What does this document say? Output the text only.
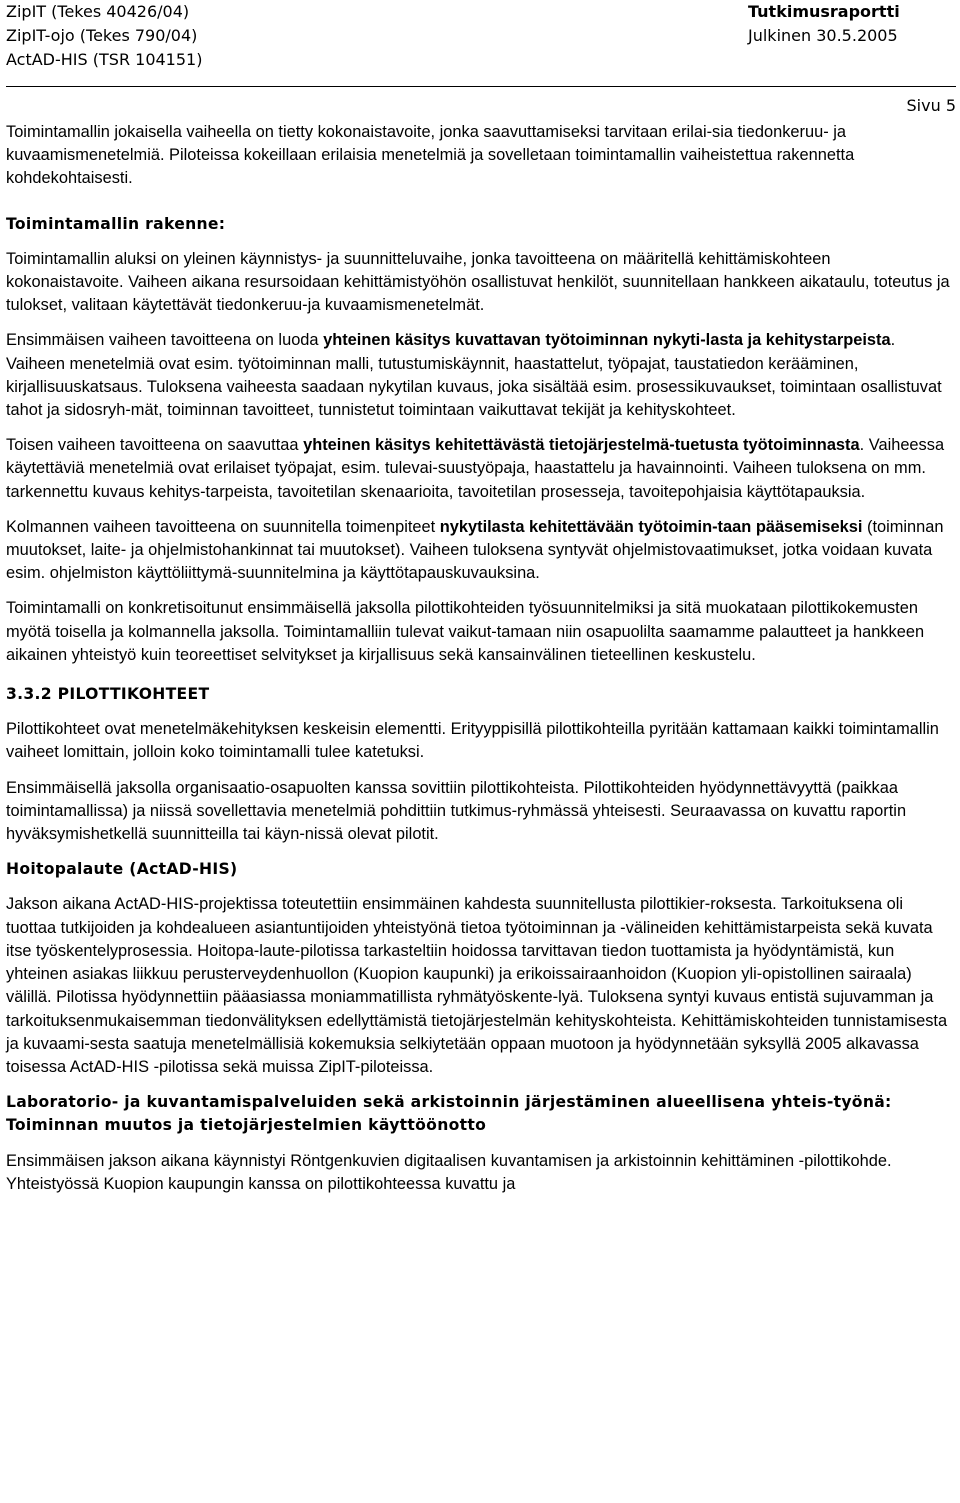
ZipIT (Tekes 40426/04)	Tutkimusraportti
ZipIT-ojo (Tekes 790/04)	Julkinen 30.5.2005
ActAD-HIS (TSR 104151)
Sivu 5

Toimintamallin jokaisella vaiheella on tietty kokonaistavoite, jonka saavuttamiseksi tarvitaan erilai-sia tiedonkeruu- ja kuvaamismenetelmiä. Piloteissa kokeillaan erilaisia menetelmiä ja sovelletaan toimintamallin vaiheistettua rakennetta kohdekohtaisesti.

Toimintamallin rakenne:

Toimintamallin aluksi on yleinen käynnistys- ja suunnitteluvaihe, jonka tavoitteena on määritellä kehittämiskohteen kokonaistavoite. Vaiheen aikana resursoidaan kehittämistyöhön osallistuvat henkilöt, suunnitellaan hankkeen aikataulu, toteutus ja tulokset, valitaan käytettävät tiedonkeruu-ja kuvaamismenetelmät.

Ensimmäisen vaiheen tavoitteena on luoda yhteinen käsitys kuvattavan työtoiminnan nykyti-lasta ja kehitystarpeista. Vaiheen menetelmiä ovat esim. työtoiminnan malli, tutustumiskäynnit, haastattelut, työpajat, taustatiedon kerääminen, kirjallisuuskatsaus. Tuloksena vaiheesta saadaan nykytilan kuvaus, joka sisältää esim. prosessikuvaukset, toimintaan osallistuvat tahot ja sidosryh-mät, toiminnan tavoitteet, tunnistetut toimintaan vaikuttavat tekijät ja kehityskohteet.

Toisen vaiheen tavoitteena on saavuttaa yhteinen käsitys kehitettävästä tietojärjestelmä-tuetusta työtoiminnasta. Vaiheessa käytettäviä menetelmiä ovat erilaiset työpajat, esim. tulevai-suustyöpaja, haastattelu ja havainnointi. Vaiheen tuloksena on mm. tarkennettu kuvaus kehitys-tarpeista, tavoitetilan skenaarioita, tavoitetilan prosesseja, tavoitepohjaisia käyttötapauksia.

Kolmannen vaiheen tavoitteena on suunnitella toimenpiteet nykytilasta kehitettävään työtoimin-taan pääsemiseksi (toiminnan muutokset, laite- ja ohjelmistohankinnat tai muutokset). Vaiheen tuloksena syntyvät ohjelmistovaatimukset, jotka voidaan kuvata esim. ohjelmiston käyttöliittymä-suunnitelmina ja käyttötapauskuvauksina.

Toimintamalli on konkretisoitunut ensimmäisellä jaksolla pilottikohteiden työsuunnitelmiksi ja sitä muokataan pilottikokemusten myötä toisella ja kolmannella jaksolla. Toimintamalliin tulevat vaikut-tamaan niin osapuolilta saamamme palautteet ja hankkeen aikainen yhteistyö kuin teoreettiset selvitykset ja kirjallisuus sekä kansainvälinen tieteellinen keskustelu.

3.3.2 PILOTTIKOHTEET

Pilottikohteet ovat menetelmäkehityksen keskeisin elementti. Erityyppisillä pilottikohteilla pyritään kattamaan kaikki toimintamallin vaiheet lomittain, jolloin koko toimintamalli tulee katetuksi.

Ensimmäisellä jaksolla organisaatio-osapuolten kanssa sovittiin pilottikohteista. Pilottikohteiden hyödynnettävyyttä (paikkaa toimintamallissa) ja niissä sovellettavia menetelmiä pohdittiin tutkimus-ryhmässä yhteisesti. Seuraavassa on kuvattu raportin hyväksymishetkellä suunnitteilla tai käyn-nissä olevat pilotit.

Hoitopalaute (ActAD-HIS)

Jakson aikana ActAD-HIS-projektissa toteutettiin ensimmäinen kahdesta suunnitellusta pilottikier-roksesta. Tarkoituksena oli tuottaa tutkijoiden ja kohdealueen asiantuntijoiden yhteistyönä tietoa työtoiminnan ja -välineiden kehittämistarpeista sekä kuvata itse työskentelyprosessia. Hoitopa-laute-pilotissa tarkasteltiin hoidossa tarvittavan tiedon tuottamista ja hyödyntämistä, kun yhteinen asiakas liikkuu perusterveydenhuollon (Kuopion kaupunki) ja erikoissairaanhoidon (Kuopion yli-opistollinen sairaala) välillä. Pilotissa hyödynnettiin pääasiassa moniammatillista ryhmätyöskente-lyä. Tuloksena syntyi kuvaus entistä sujuvamman ja tarkoituksenmukaisemman tiedonvälityksen edellyttämistä tietojärjestelmän kehityskohteista. Kehittämiskohteiden tunnistamisesta ja kuvaami-sesta saatuja menetelmällisiä kokemuksia selkiytetään oppaan muotoon ja hyödynnetään syksyllä 2005 alkavassa toisessa ActAD-HIS -pilotissa sekä muissa ZipIT-piloteissa.

Laboratorio- ja kuvantamispalveluiden sekä arkistoinnin järjestäminen alueellisena yhteis-työnä: Toiminnan muutos ja tietojärjestelmien käyttöönotto

Ensimmäisen jakson aikana käynnistyi Röntgenkuvien digitaalisen kuvantamisen ja arkistoinnin kehittäminen -pilottikohde. Yhteistyössä Kuopion kaupungin kanssa on pilottikohteessa kuvattu ja
